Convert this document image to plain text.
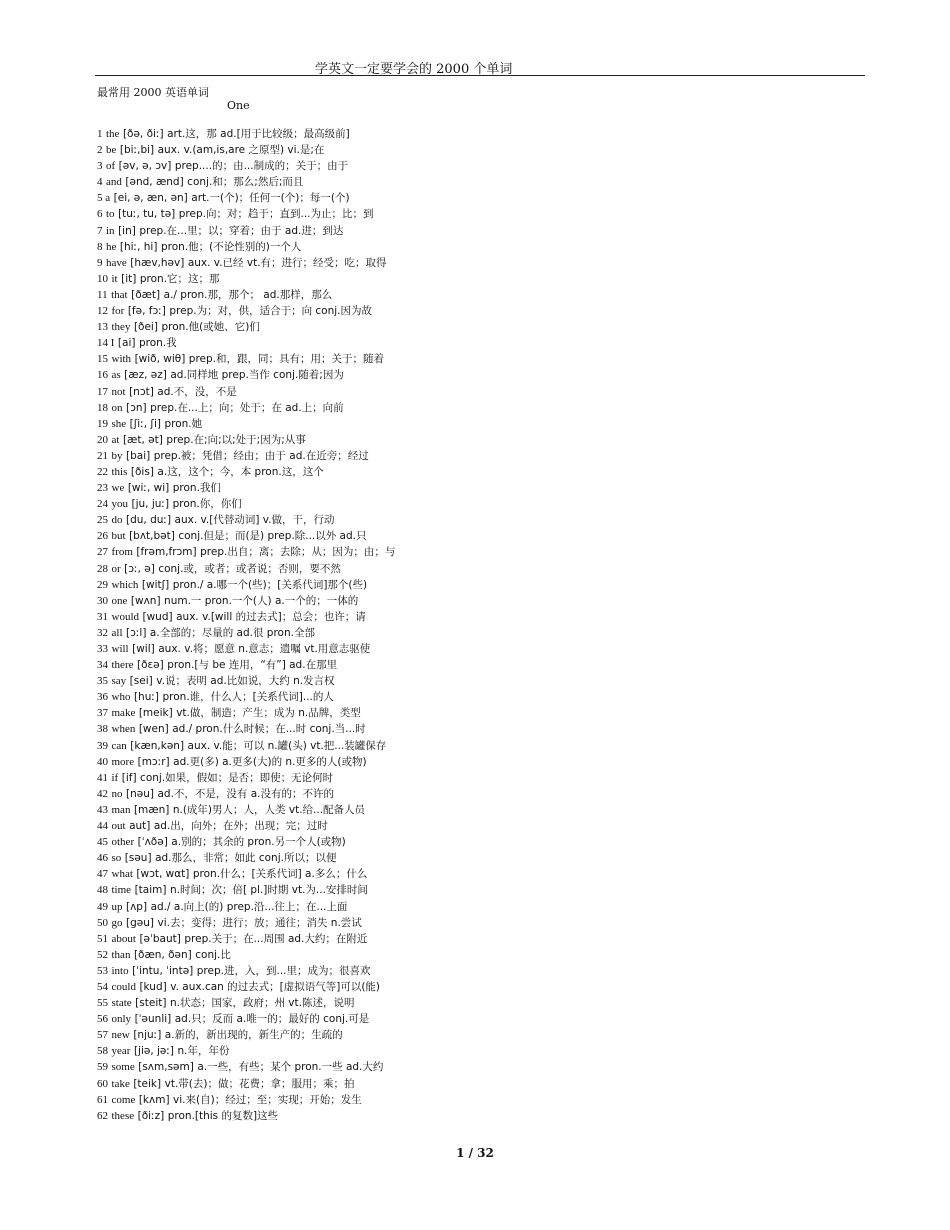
学英文一定要学会的 2000 个单词
最常用 2000 英语单词
One
1 the [ðə, ðiː] art.这，那 ad.[用于比较级；最高级前]
2 be [biː,bi] aux. v.(am,is,are 之原型) vi.是;在
3 of [əv, ə, ɔv] prep....的；由...制成的；关于；由于
4 and [ənd, ænd] conj.和；那么;然后;而且
5 a [ei, ə, æn, ən] art.一(个)；任何一(个)；每一(个)
6 to [tuː, tu, tə] prep.向；对；趋于；直到...为止；比；到
7 in [in] prep.在...里；以；穿着；由于 ad.进；到达
8 he [hiː, hi] pron.他；(不论性别的)一个人
9 have [hæv,həv] aux. v.已经 vt.有；进行；经受；吃；取得
10 it [it] pron.它；这；那
11 that [ðæt] a./ pron.那，那个； ad.那样，那么
12 for [fə, fɔː] prep.为；对，供，适合于；向 conj.因为故
13 they [ðei] pron.他(或她、它)们
14 I [ai] pron.我
15 with [wið, wiθ] prep.和，跟，同；具有；用；关于；随着
16 as [æz, əz] ad.同样地 prep.当作 conj.随着;因为
17 not [nɔt] ad.不，没，不是
18 on [ɔn] prep.在...上；向；处于；在 ad.上；向前
19 she [ʃiː, ʃi] pron.她
20 at [æt, ət] prep.在;向;以;处于;因为;从事
21 by [bai] prep.被；凭借；经由；由于 ad.在近旁；经过
22 this [ðis] a.这，这个；今，本 pron.这，这个
23 we [wiː, wi] pron.我们
24 you [ju, juː] pron.你，你们
25 do [du, duː] aux. v.[代替动词] v.做，干，行动
26 but [bʌt,bət] conj.但是；而(是) prep.除...以外 ad.只
27 from [frəm,frɔm] prep.出自；离；去除；从；因为；由；与
28 or [ɔː, ə] conj.或，或者；或者说；否则，要不然
29 which [witʃ] pron./ a.哪一个(些)；[关系代词]那个(些)
30 one [wʌn] num.一 pron.一个(人) a.一个的；一体的
31 would [wud] aux. v.[will 的过去式]；总会；也许；请
32 all [ɔːl] a.全部的；尽量的 ad.很 pron.全部
33 will [wil] aux. v.将；愿意 n.意志；遗嘱 vt.用意志驱使
34 there [ðεə] pron.[与 be 连用，“有”] ad.在那里
35 say [sei] v.说；表明 ad.比如说，大约 n.发言权
36 who [huː] pron.谁，什么人；[关系代词]...的人
37 make [meik] vt.做，制造；产生；成为 n.品牌，类型
38 when [wen] ad./ pron.什么时候；在...时 conj.当...时
39 can [kæn,kən] aux. v.能；可以 n.罐(头) vt.把...装罐保存
40 more [mɔːr] ad.更(多) a.更多(大)的 n.更多的人(或物)
41 if [if] conj.如果，假如；是否；即使；无论何时
42 no [nəu] ad.不，不是，没有 a.没有的；不许的
43 man [mæn] n.(成年)男人；人，人类 vt.给...配备人员
44 out aut] ad.出，向外；在外；出现；完；过时
45 other [ˈʌðə] a.别的；其余的 pron.另一个人(或物)
46 so [səu] ad.那么，非常；如此 conj.所以；以便
47 what [wɔt, wαt] pron.什么；[关系代词] a.多么；什么
48 time [taim] n.时间；次；倍[ pl.]时期 vt.为...安排时间
49 up [ʌp] ad./ a.向上(的) prep.沿...往上；在...上面
50 go [gəu] vi.去；变得；进行；放；通往；消失 n.尝试
51 about [əˈbaut] prep.关于；在...周围 ad.大约；在附近
52 than [ðæn, ðən] conj.比
53 into [ˈintu, ˈintə] prep.进，入，到...里；成为；很喜欢
54 could [kud] v. aux.can 的过去式；[虚拟语气等]可以(能)
55 state [steit] n.状态；国家，政府；州 vt.陈述，说明
56 only [ˈəunli] ad.只；反而 a.唯一的；最好的 conj.可是
57 new [njuː] a.新的，新出现的，新生产的；生疏的
58 year [jiə, jəː] n.年，年份
59 some [sʌm,səm] a.一些，有些；某个 pron.一些 ad.大约
60 take [teik] vt.带(去)；做；花费；拿；服用；乘；拍
61 come [kʌm] vi.来(自)；经过；至；实现；开始；发生
62 these [ðiːz] pron.[this 的复数]这些
1 / 32
